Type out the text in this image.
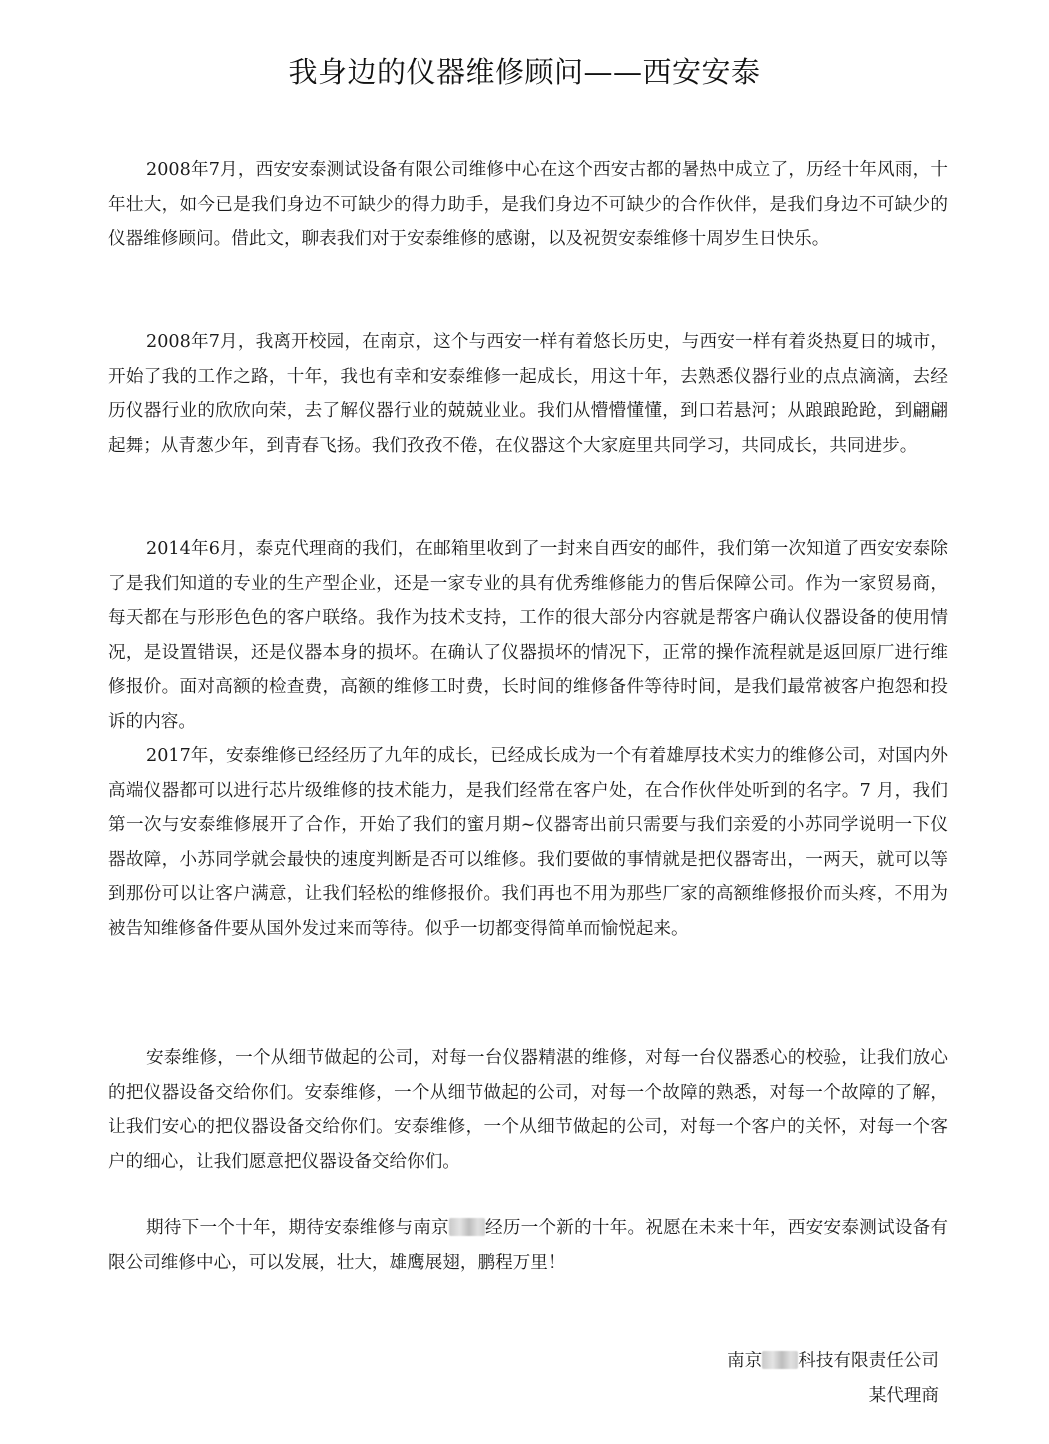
我身边的仪器维修顾问——西安安泰

2008年7月，西安安泰测试设备有限公司维修中心在这个西安古都的暑热中成立了，历经十年风雨，十年壮大，如今已是我们身边不可缺少的得力助手，是我们身边不可缺少的合作伙伴，是我们身边不可缺少的仪器维修顾问。借此文，聊表我们对于安泰维修的感谢，以及祝贺安泰维修十周岁生日快乐。

2008年7月，我离开校园，在南京，这个与西安一样有着悠长历史，与西安一样有着炎热夏日的城市，开始了我的工作之路，十年，我也有幸和安泰维修一起成长，用这十年，去熟悉仪器行业的点点滴滴，去经历仪器行业的欣欣向荣，去了解仪器行业的兢兢业业。我们从懵懵懂懂，到口若悬河；从踉踉跄跄，到翩翩起舞；从青葱少年，到青春飞扬。我们孜孜不倦，在仪器这个大家庭里共同学习，共同成长，共同进步。

2014年6月，泰克代理商的我们，在邮箱里收到了一封来自西安的邮件，我们第一次知道了西安安泰除了是我们知道的专业的生产型企业，还是一家专业的具有优秀维修能力的售后保障公司。作为一家贸易商，每天都在与形形色色的客户联络。我作为技术支持，工作的很大部分内容就是帮客户确认仪器设备的使用情况，是设置错误，还是仪器本身的损坏。在确认了仪器损坏的情况下，正常的操作流程就是返回原厂进行维修报价。面对高额的检查费，高额的维修工时费，长时间的维修备件等待时间，是我们最常被客户抱怨和投诉的内容。

2017年，安泰维修已经经历了九年的成长，已经成长成为一个有着雄厚技术实力的维修公司，对国内外高端仪器都可以进行芯片级维修的技术能力，是我们经常在客户处，在合作伙伴处听到的名字。7 月，我们第一次与安泰维修展开了合作，开始了我们的蜜月期~仪器寄出前只需要与我们亲爱的小苏同学说明一下仪器故障，小苏同学就会最快的速度判断是否可以维修。我们要做的事情就是把仪器寄出，一两天，就可以等到那份可以让客户满意，让我们轻松的维修报价。我们再也不用为那些厂家的高额维修报价而头疼，不用为被告知维修备件要从国外发过来而等待。似乎一切都变得简单而愉悦起来。

安泰维修，一个从细节做起的公司，对每一台仪器精湛的维修，对每一台仪器悉心的校验，让我们放心的把仪器设备交给你们。安泰维修，一个从细节做起的公司，对每一个故障的熟悉，对每一个故障的了解，让我们安心的把仪器设备交给你们。安泰维修，一个从细节做起的公司，对每一个客户的关怀，对每一个客户的细心，让我们愿意把仪器设备交给你们。

期待下一个十年，期待安泰维修与南京 经历一个新的十年。祝愿在未来十年，西安安泰测试设备有限公司维修中心，可以发展，壮大，雄鹰展翅，鹏程万里！

南京 科技有限责任公司
某代理商
